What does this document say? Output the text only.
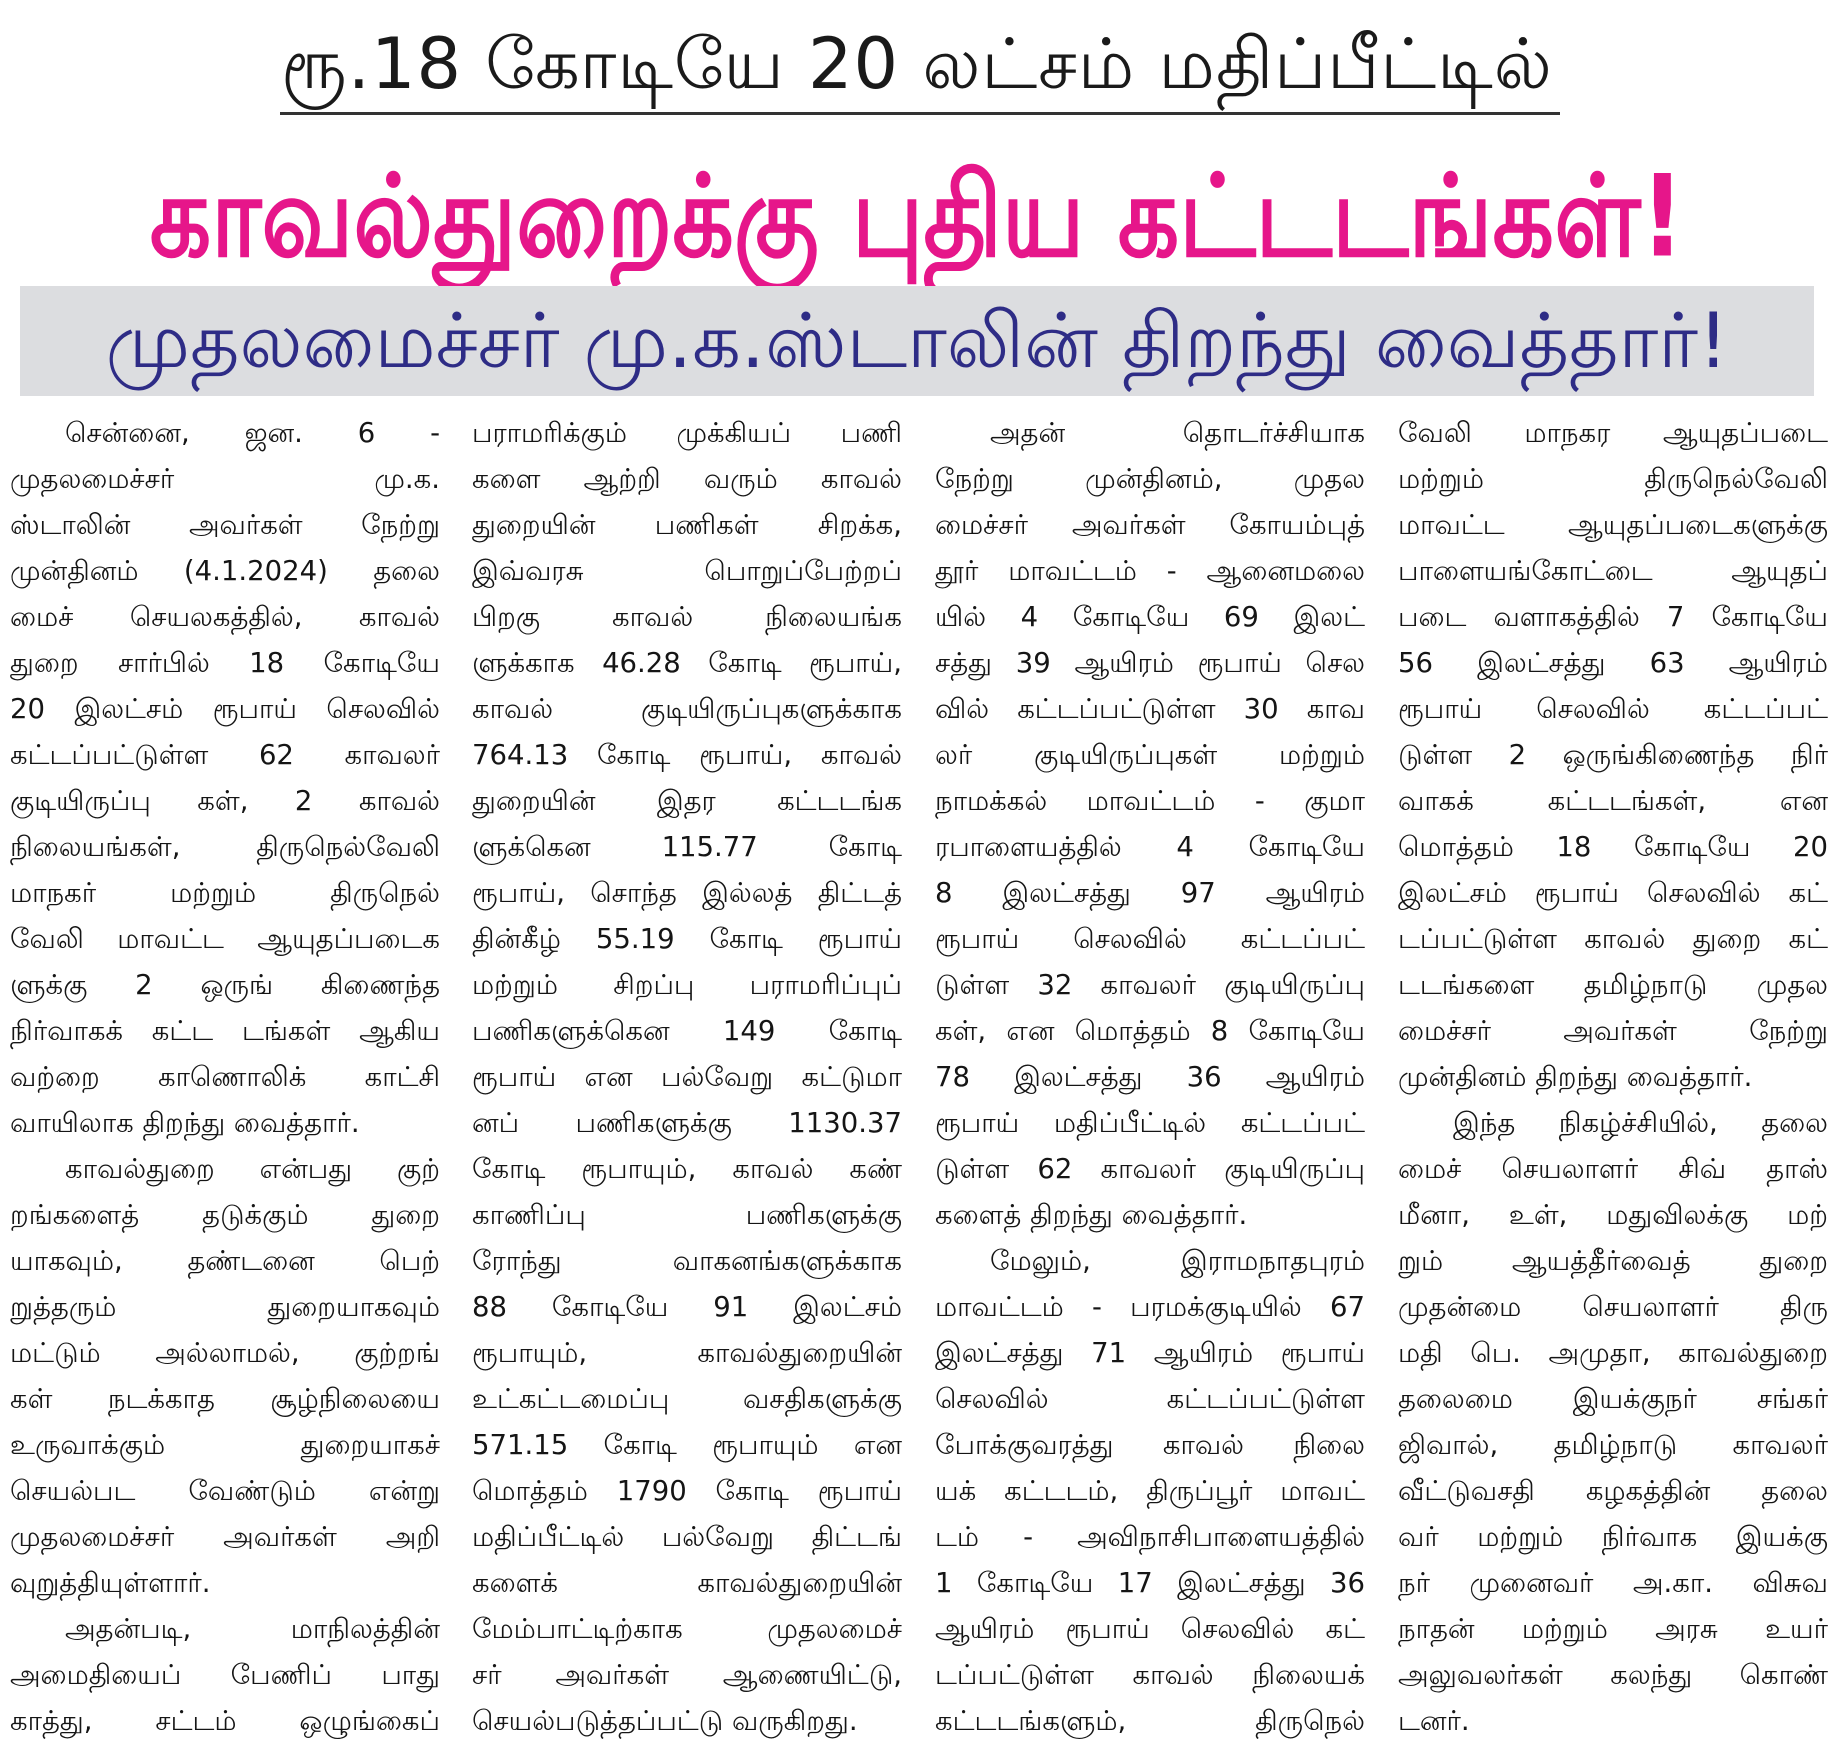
ரூ.18 கோடியே 20 லட்சம் மதிப்பீட்டில்
காவல்துறைக்கு புதிய கட்டடங்கள்!
முதலமைச்சர் மு.க.ஸ்டாலின் திறந்து வைத்தார்!
சென்னை, ஜன. 6 -
முதலமைச்சர் மு.க.
ஸ்டாலின் அவர்கள் நேற்று
முன்தினம் (4.1.2024) தலை
மைச் செயலகத்தில், காவல்
துறை சார்பில் 18 கோடியே
20 இலட்சம் ரூபாய் செலவில்
கட்டப்பட்டுள்ள 62 காவலர்
குடியிருப்பு கள், 2 காவல்
நிலையங்கள், திருநெல்வேலி
மாநகர் மற்றும் திருநெல்
வேலி மாவட்ட ஆயுதப்படைக
ளுக்கு 2 ஒருங் கிணைந்த
நிர்வாகக் கட்ட டங்கள் ஆகிய
வற்றை காணொலிக் காட்சி
வாயிலாக திறந்து வைத்தார்.
காவல்துறை என்பது குற்
றங்களைத் தடுக்கும் துறை
யாகவும், தண்டனை பெற்
றுத்தரும் துறையாகவும்
மட்டும் அல்லாமல், குற்றங்
கள் நடக்காத சூழ்நிலையை
உருவாக்கும் துறையாகச்
செயல்பட வேண்டும் என்று
முதலமைச்சர் அவர்கள் அறி
வுறுத்தியுள்ளார்.
அதன்படி, மாநிலத்தின்
அமைதியைப் பேணிப் பாது
காத்து, சட்டம் ஒழுங்கைப்
பராமரிக்கும் முக்கியப் பணி
களை ஆற்றி வரும் காவல்
துறையின் பணிகள் சிறக்க,
இவ்வரசு பொறுப்பேற்றப்
பிறகு காவல் நிலையங்க
ளுக்காக 46.28 கோடி ரூபாய்,
காவல் குடியிருப்புகளுக்காக
764.13 கோடி ரூபாய், காவல்
துறையின் இதர கட்டடங்க
ளுக்கென 115.77 கோடி
ரூபாய், சொந்த இல்லத் திட்டத்
தின்கீழ் 55.19 கோடி ரூபாய்
மற்றும் சிறப்பு பராமரிப்புப்
பணிகளுக்கென 149 கோடி
ரூபாய் என பல்வேறு கட்டுமா
னப் பணிகளுக்கு 1130.37
கோடி ரூபாயும், காவல் கண்
காணிப்பு பணிகளுக்கு
ரோந்து வாகனங்களுக்காக
88 கோடியே 91 இலட்சம்
ரூபாயும், காவல்துறையின்
உட்கட்டமைப்பு வசதிகளுக்கு
571.15 கோடி ரூபாயும் என
மொத்தம் 1790 கோடி ரூபாய்
மதிப்பீட்டில் பல்வேறு திட்டங்
களைக் காவல்துறையின்
மேம்பாட்டிற்காக முதலமைச்
சர் அவர்கள் ஆணையிட்டு,
செயல்படுத்தப்பட்டு வருகிறது.
அதன் தொடர்ச்சியாக
நேற்று முன்தினம், முதல
மைச்சர் அவர்கள் கோயம்புத்
தூர் மாவட்டம் - ஆனைமலை
யில் 4 கோடியே 69 இலட்
சத்து 39 ஆயிரம் ரூபாய் செல
வில் கட்டப்பட்டுள்ள 30 காவ
லர் குடியிருப்புகள் மற்றும்
நாமக்கல் மாவட்டம் - குமா
ரபாளையத்தில் 4 கோடியே
8 இலட்சத்து 97 ஆயிரம்
ரூபாய் செலவில் கட்டப்பட்
டுள்ள 32 காவலர் குடியிருப்பு
கள், என மொத்தம் 8 கோடியே
78 இலட்சத்து 36 ஆயிரம்
ரூபாய் மதிப்பீட்டில் கட்டப்பட்
டுள்ள 62 காவலர் குடியிருப்பு
களைத் திறந்து வைத்தார்.
மேலும், இராமநாதபுரம்
மாவட்டம் - பரமக்குடியில் 67
இலட்சத்து 71 ஆயிரம் ரூபாய்
செலவில் கட்டப்பட்டுள்ள
போக்குவரத்து காவல் நிலை
யக் கட்டடம், திருப்பூர் மாவட்
டம் - அவிநாசிபாளையத்தில்
1 கோடியே 17 இலட்சத்து 36
ஆயிரம் ரூபாய் செலவில் கட்
டப்பட்டுள்ள காவல் நிலையக்
கட்டடங்களும், திருநெல்
வேலி மாநகர ஆயுதப்படை
மற்றும் திருநெல்வேலி
மாவட்ட ஆயுதப்படைகளுக்கு
பாளையங்கோட்டை ஆயுதப்
படை வளாகத்தில் 7 கோடியே
56 இலட்சத்து 63 ஆயிரம்
ரூபாய் செலவில் கட்டப்பட்
டுள்ள 2 ஒருங்கிணைந்த நிர்
வாகக் கட்டடங்கள், என
மொத்தம் 18 கோடியே 20
இலட்சம் ரூபாய் செலவில் கட்
டப்பட்டுள்ள காவல் துறை கட்
டடங்களை தமிழ்நாடு முதல
மைச்சர் அவர்கள் நேற்று
முன்தினம் திறந்து வைத்தார்.
இந்த நிகழ்ச்சியில், தலை
மைச் செயலாளர் சிவ் தாஸ்
மீனா, உள், மதுவிலக்கு மற்
றும் ஆயத்தீர்வைத் துறை
முதன்மை செயலாளர் திரு
மதி பெ. அமுதா, காவல்துறை
தலைமை இயக்குநர் சங்கர்
ஜிவால், தமிழ்நாடு காவலர்
வீட்டுவசதி கழகத்தின் தலை
வர் மற்றும் நிர்வாக இயக்கு
நர் முனைவர் அ.கா. விசுவ
நாதன் மற்றும் அரசு உயர்
அலுவலர்கள் கலந்து கொண்
டனர்.
